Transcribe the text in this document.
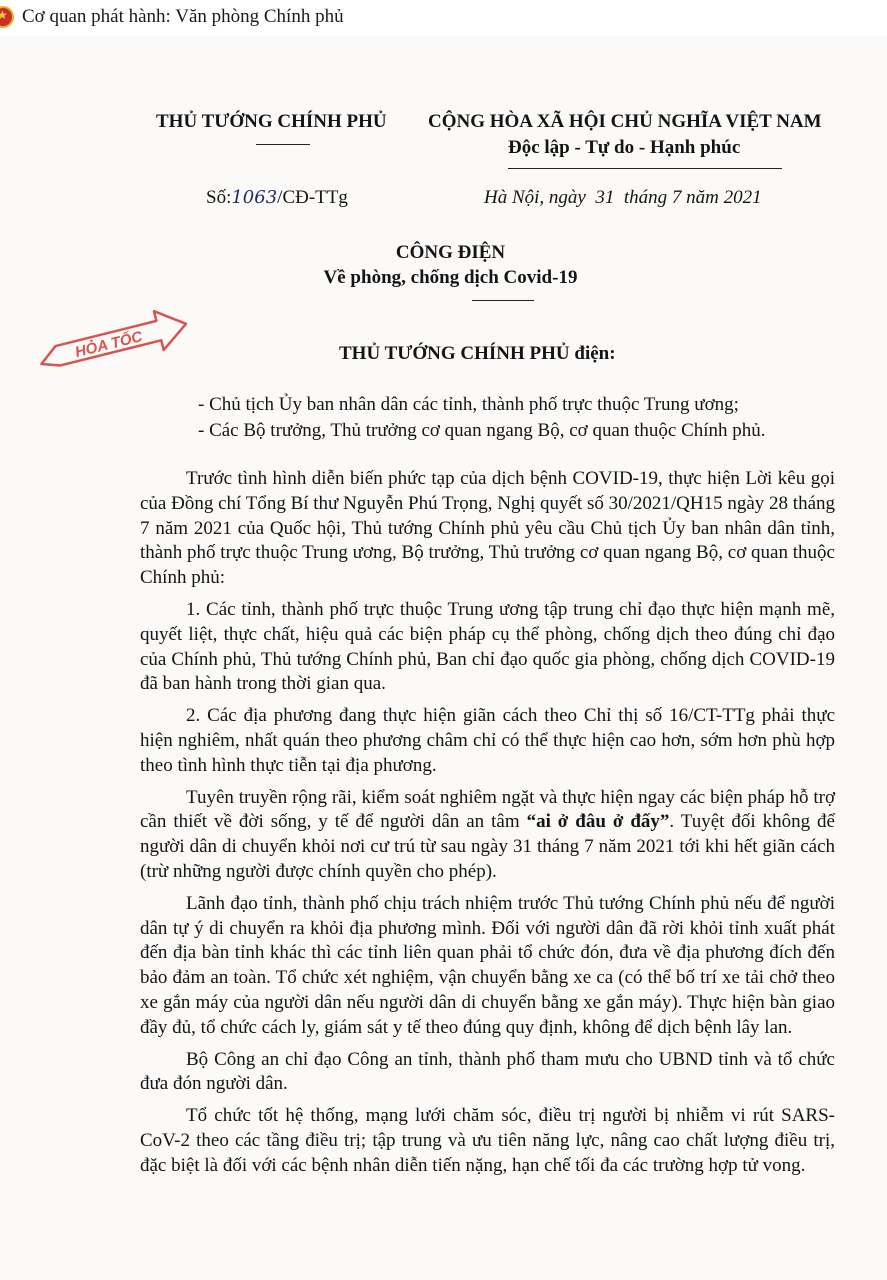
★
Cơ quan phát hành: Văn phòng Chính phủ
THỦ TƯỚNG CHÍNH PHỦ CỘNG HÒA XÃ HỘI CHỦ NGHĨA VIỆT NAM
Độc lập - Tự do - Hạnh phúc
Số:1063/CĐ-TTg	Hà Nội, ngày  31  tháng 7 năm 2021
CÔNG ĐIỆN
Về phòng, chống dịch Covid-19
HỎA TỐC	THỦ TƯỚNG CHÍNH PHỦ điện:
- Chủ tịch Ủy ban nhân dân các tỉnh, thành phố trực thuộc Trung ương;
- Các Bộ trưởng, Thủ trưởng cơ quan ngang Bộ, cơ quan thuộc Chính phủ.

Trước tình hình diễn biến phức tạp của dịch bệnh COVID-19, thực hiện Lời kêu gọi của Đồng chí Tổng Bí thư Nguyễn Phú Trọng, Nghị quyết số 30/2021/QH15 ngày 28 tháng 7 năm 2021 của Quốc hội, Thủ tướng Chính phủ yêu cầu Chủ tịch Ủy ban nhân dân tỉnh, thành phố trực thuộc Trung ương, Bộ trưởng, Thủ trưởng cơ quan ngang Bộ, cơ quan thuộc Chính phủ:

1. Các tỉnh, thành phố trực thuộc Trung ương tập trung chỉ đạo thực hiện mạnh mẽ, quyết liệt, thực chất, hiệu quả các biện pháp cụ thể phòng, chống dịch theo đúng chỉ đạo của Chính phủ, Thủ tướng Chính phủ, Ban chỉ đạo quốc gia phòng, chống dịch COVID-19 đã ban hành trong thời gian qua.

2. Các địa phương đang thực hiện giãn cách theo Chỉ thị số 16/CT-TTg phải thực hiện nghiêm, nhất quán theo phương châm chỉ có thể thực hiện cao hơn, sớm hơn phù hợp theo tình hình thực tiễn tại địa phương.

Tuyên truyền rộng rãi, kiểm soát nghiêm ngặt và thực hiện ngay các biện pháp hỗ trợ cần thiết về đời sống, y tế để người dân an tâm “ai ở đâu ở đấy”. Tuyệt đối không để người dân di chuyển khỏi nơi cư trú từ sau ngày 31 tháng 7 năm 2021 tới khi hết giãn cách (trừ những người được chính quyền cho phép).

Lãnh đạo tỉnh, thành phố chịu trách nhiệm trước Thủ tướng Chính phủ nếu để người dân tự ý di chuyển ra khỏi địa phương mình. Đối với người dân đã rời khỏi tỉnh xuất phát đến địa bàn tỉnh khác thì các tỉnh liên quan phải tổ chức đón, đưa về địa phương đích đến bảo đảm an toàn. Tổ chức xét nghiệm, vận chuyển bằng xe ca (có thể bố trí xe tải chở theo xe gắn máy của người dân nếu người dân di chuyển bằng xe gắn máy). Thực hiện bàn giao đầy đủ, tổ chức cách ly, giám sát y tế theo đúng quy định, không để dịch bệnh lây lan.

Bộ Công an chỉ đạo Công an tỉnh, thành phố tham mưu cho UBND tỉnh và tổ chức đưa đón người dân.

Tổ chức tốt hệ thống, mạng lưới chăm sóc, điều trị người bị nhiễm vi rút SARS-CoV-2 theo các tầng điều trị; tập trung và ưu tiên năng lực, nâng cao chất lượng điều trị, đặc biệt là đối với các bệnh nhân diễn tiến nặng, hạn chế tối đa các trường hợp tử vong.
